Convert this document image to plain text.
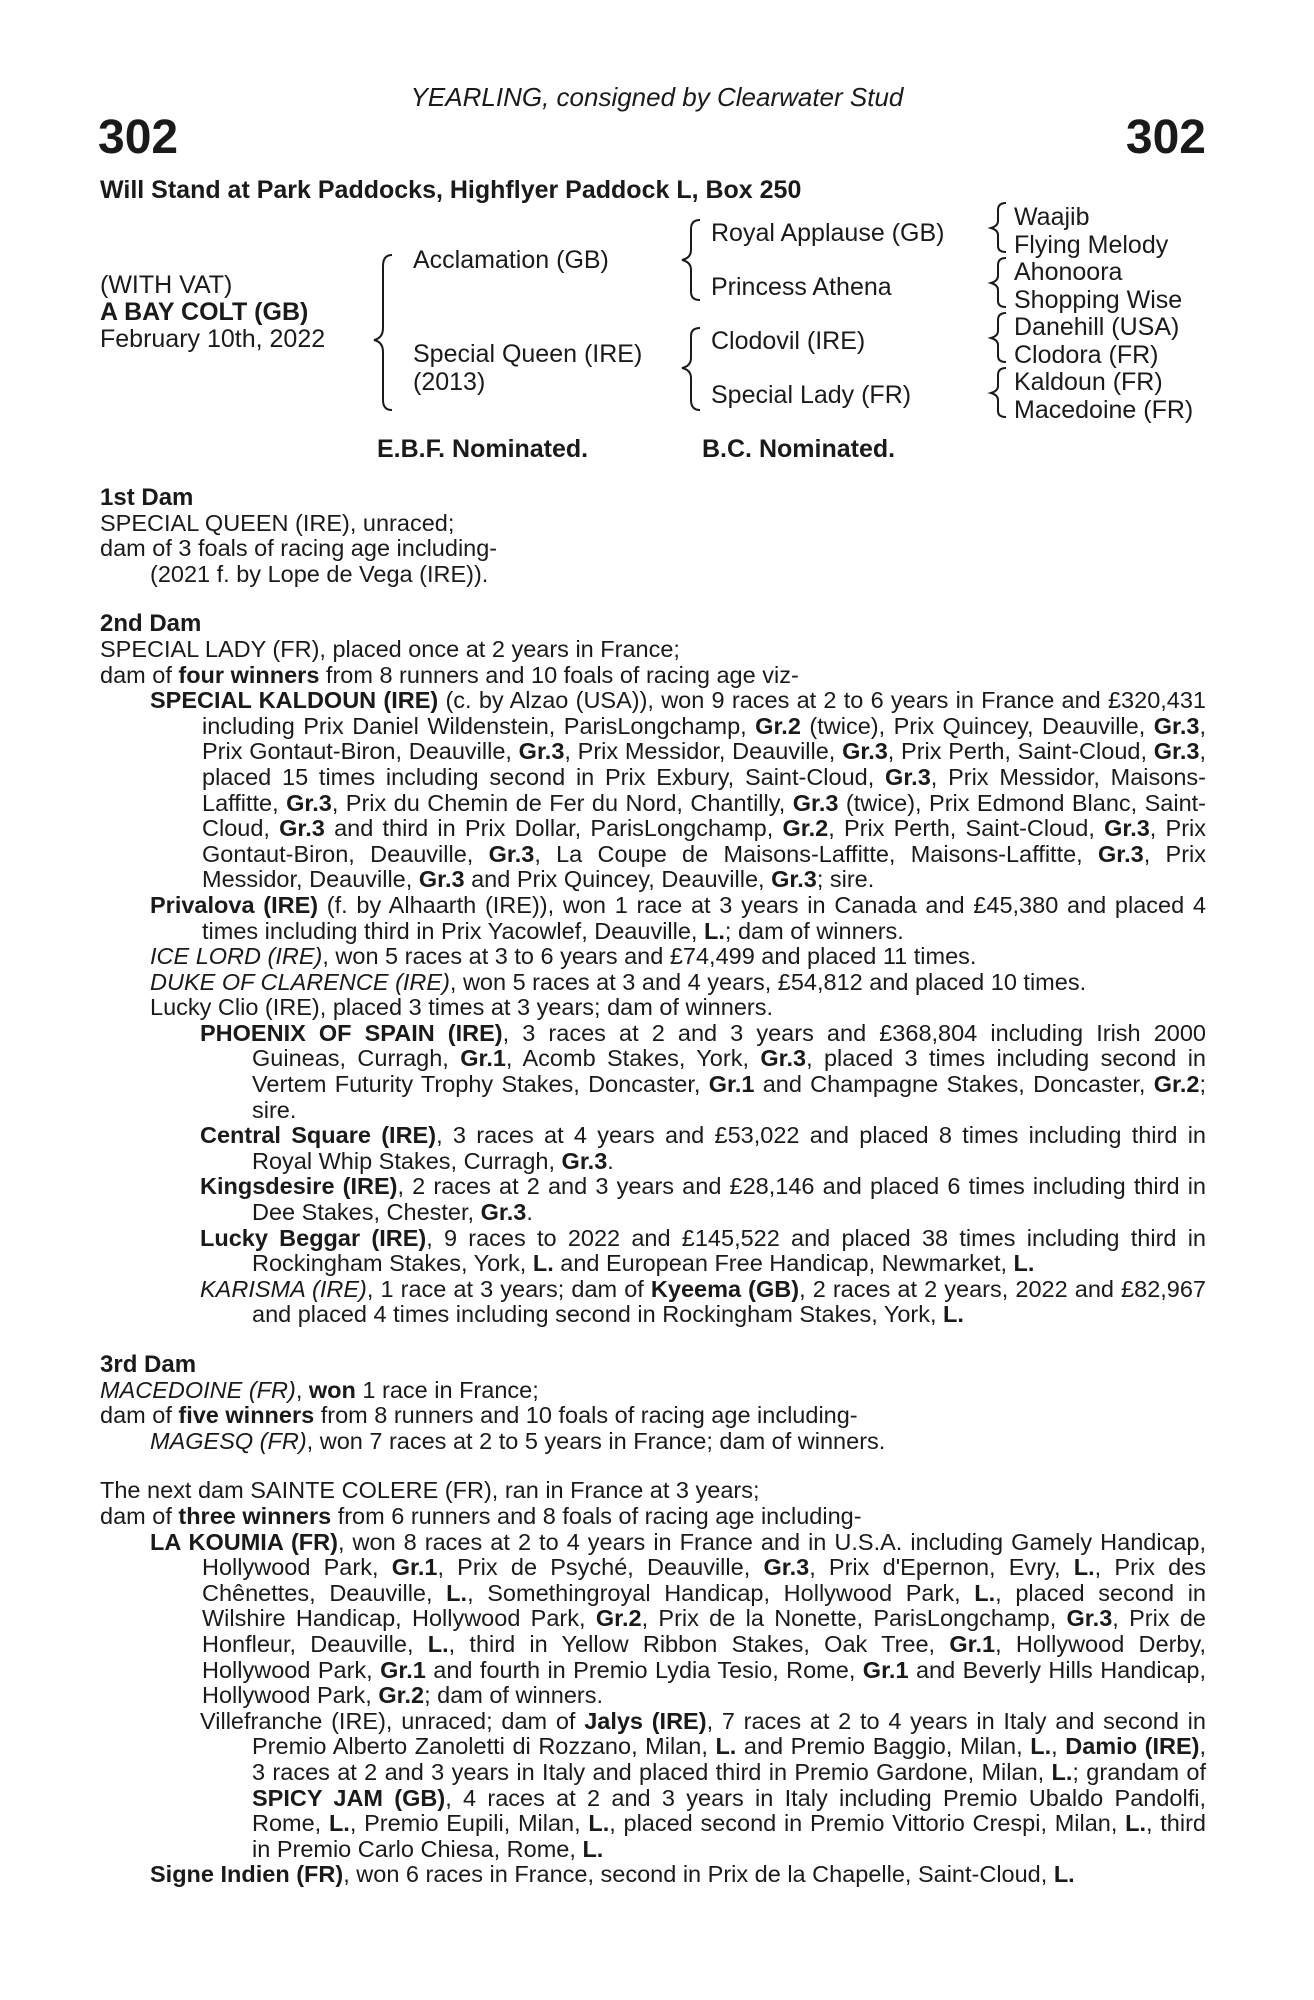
YEARLING, consigned by Clearwater Stud
302	302
Will Stand at Park Paddocks, Highflyer Paddock L, Box 250
(WITH VAT)
A BAY COLT (GB)
February 10th, 2022
Acclamation (GB)
Special Queen (IRE)
(2013)
Royal Applause (GB)
Princess Athena
Clodovil (IRE)
Special Lady (FR)
Waajib
Flying Melody
Ahonoora
Shopping Wise
Danehill (USA)
Clodora (FR)
Kaldoun (FR)
Macedoine (FR)
E.B.F. Nominated.	B.C. Nominated.
1st Dam
SPECIAL QUEEN (IRE), unraced;
dam of 3 foals of racing age including-
(2021 f. by Lope de Vega (IRE)).
2nd Dam
SPECIAL LADY (FR), placed once at 2 years in France;
dam of four winners from 8 runners and 10 foals of racing age viz-
SPECIAL KALDOUN (IRE) (c. by Alzao (USA)), won 9 races at 2 to 6 years in France and £320,431 including Prix Daniel Wildenstein, ParisLongchamp, Gr.2 (twice), Prix Quincey, Deauville, Gr.3, Prix Gontaut-Biron, Deauville, Gr.3, Prix Messidor, Deauville, Gr.3, Prix Perth, Saint-Cloud, Gr.3, placed 15 times including second in Prix Exbury, Saint-Cloud, Gr.3, Prix Messidor, Maisons-Laffitte, Gr.3, Prix du Chemin de Fer du Nord, Chantilly, Gr.3 (twice), Prix Edmond Blanc, Saint-Cloud, Gr.3 and third in Prix Dollar, ParisLongchamp, Gr.2, Prix Perth, Saint-Cloud, Gr.3, Prix Gontaut-Biron, Deauville, Gr.3, La Coupe de Maisons-Laffitte, Maisons-Laffitte, Gr.3, Prix Messidor, Deauville, Gr.3 and Prix Quincey, Deauville, Gr.3; sire.
Privalova (IRE) (f. by Alhaarth (IRE)), won 1 race at 3 years in Canada and £45,380 and placed 4 times including third in Prix Yacowlef, Deauville, L.; dam of winners.
ICE LORD (IRE), won 5 races at 3 to 6 years and £74,499 and placed 11 times.
DUKE OF CLARENCE (IRE), won 5 races at 3 and 4 years, £54,812 and placed 10 times.
Lucky Clio (IRE), placed 3 times at 3 years; dam of winners.
PHOENIX OF SPAIN (IRE), 3 races at 2 and 3 years and £368,804 including Irish 2000 Guineas, Curragh, Gr.1, Acomb Stakes, York, Gr.3, placed 3 times including second in Vertem Futurity Trophy Stakes, Doncaster, Gr.1 and Champagne Stakes, Doncaster, Gr.2; sire.
Central Square (IRE), 3 races at 4 years and £53,022 and placed 8 times including third in Royal Whip Stakes, Curragh, Gr.3.
Kingsdesire (IRE), 2 races at 2 and 3 years and £28,146 and placed 6 times including third in Dee Stakes, Chester, Gr.3.
Lucky Beggar (IRE), 9 races to 2022 and £145,522 and placed 38 times including third in Rockingham Stakes, York, L. and European Free Handicap, Newmarket, L.
KARISMA (IRE), 1 race at 3 years; dam of Kyeema (GB), 2 races at 2 years, 2022 and £82,967 and placed 4 times including second in Rockingham Stakes, York, L.
3rd Dam
MACEDOINE (FR), won 1 race in France;
dam of five winners from 8 runners and 10 foals of racing age including-
MAGESQ (FR), won 7 races at 2 to 5 years in France; dam of winners.
The next dam SAINTE COLERE (FR), ran in France at 3 years;
dam of three winners from 6 runners and 8 foals of racing age including-
LA KOUMIA (FR), won 8 races at 2 to 4 years in France and in U.S.A. including Gamely Handicap, Hollywood Park, Gr.1, Prix de Psyché, Deauville, Gr.3, Prix d'Epernon, Evry, L., Prix des Chênettes, Deauville, L., Somethingroyal Handicap, Hollywood Park, L., placed second in Wilshire Handicap, Hollywood Park, Gr.2, Prix de la Nonette, ParisLongchamp, Gr.3, Prix de Honfleur, Deauville, L., third in Yellow Ribbon Stakes, Oak Tree, Gr.1, Hollywood Derby, Hollywood Park, Gr.1 and fourth in Premio Lydia Tesio, Rome, Gr.1 and Beverly Hills Handicap, Hollywood Park, Gr.2; dam of winners.
Villefranche (IRE), unraced; dam of Jalys (IRE), 7 races at 2 to 4 years in Italy and second in Premio Alberto Zanoletti di Rozzano, Milan, L. and Premio Baggio, Milan, L., Damio (IRE), 3 races at 2 and 3 years in Italy and placed third in Premio Gardone, Milan, L.; grandam of SPICY JAM (GB), 4 races at 2 and 3 years in Italy including Premio Ubaldo Pandolfi, Rome, L., Premio Eupili, Milan, L., placed second in Premio Vittorio Crespi, Milan, L., third in Premio Carlo Chiesa, Rome, L.
Signe Indien (FR), won 6 races in France, second in Prix de la Chapelle, Saint-Cloud, L.
